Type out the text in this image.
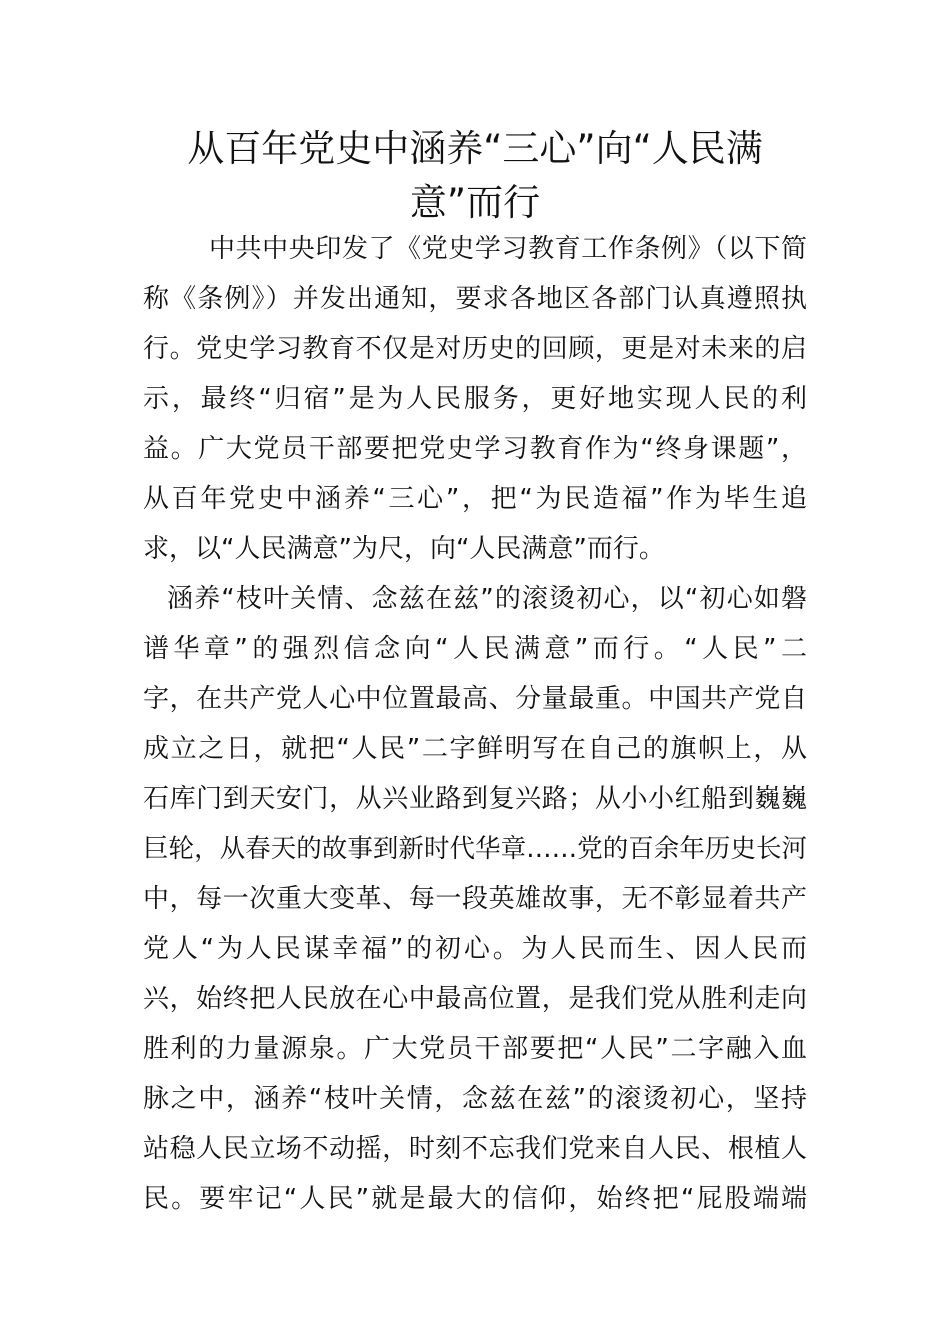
从百年党史中涵养“三心”向“人民满
意”而行
中共中央印发了《党史学习教育工作条例》（以下简
称《条例》）并发出通知，要求各地区各部门认真遵照执
行。党史学习教育不仅是对历史的回顾，更是对未来的启
示，最终“归宿”是为人民服务，更好地实现人民的利
益。广大党员干部要把党史学习教育作为“终身课题”，
从百年党史中涵养“三心”，把“为民造福”作为毕生追
求，以“人民满意”为尺，向“人民满意”而行。
涵养“枝叶关情、念兹在兹”的滚烫初心，以“初心如磐
谱华章”的强烈信念向“人民满意”而行。“人民”二
字，在共产党人心中位置最高、分量最重。中国共产党自
成立之日，就把“人民”二字鲜明写在自己的旗帜上，从
石库门到天安门，从兴业路到复兴路；从小小红船到巍巍
巨轮，从春天的故事到新时代华章……党的百余年历史长河
中，每一次重大变革、每一段英雄故事，无不彰显着共产
党人“为人民谋幸福”的初心。为人民而生、因人民而
兴，始终把人民放在心中最高位置，是我们党从胜利走向
胜利的力量源泉。广大党员干部要把“人民”二字融入血
脉之中，涵养“枝叶关情，念兹在兹”的滚烫初心，坚持
站稳人民立场不动摇，时刻不忘我们党来自人民、根植人
民。要牢记“人民”就是最大的信仰，始终把“屁股端端
